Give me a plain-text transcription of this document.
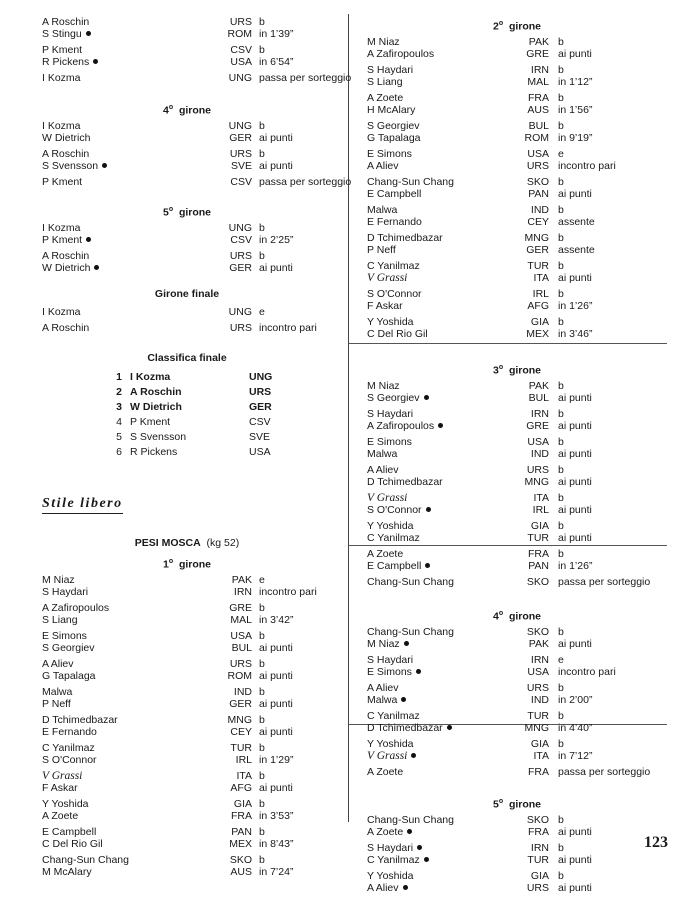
A Roschin	URS b
S Stingu	ROM in 1’39”
P Kment	CSV b
R Pickens	USA in 6’54”
I Kozma	UNG passa per sorteggio
4$^o$ girone
I Kozma	UNG b
W Dietrich	GER ai punti
A Roschin	URS b
S Svensson	SVE ai punti
P Kment	CSV passa per sorteggio
5$^o$ girone
I Kozma	UNG b
P Kment	CSV in 2’25”
A Roschin	URS b
W Dietrich	GER ai punti
Girone finale
I Kozma	UNG e
A Roschin	URS incontro pari
Classifica finale
1 I Kozma	UNG
2 A Roschin	URS
3 W Dietrich	GER
4 P Kment	CSV
5 S Svensson	SVE
6 R Pickens	USA
Stile libero
PESI MOSCA (kg 52)
1$^o$ girone
M Niaz	PAK e
S Haydari	IRN incontro pari
A Zafiropoulos	GRE b
S Liang	MAL in 3’42”
E Simons	USA b
S Georgiev	BUL ai punti
A Aliev	URS b
G Tapalaga	ROM ai punti
Malwa	IND b
P Neff	GER ai punti
D Tchimedbazar	MNG b
E Fernando	CEY ai punti
C Yanilmaz	TUR b
S O'Connor	IRL in 1’29”
V Grassi	ITA b
F Askar	AFG ai punti
Y Yoshida	GIA b
A Zoete	FRA in 3’53”
E Campbell	PAN b
C Del Rio Gil	MEX in 8’43”
Chang-Sun Chang	SKO b
M McAlary	AUS in 7’24”
2$^o$ girone
M Niaz	PAK b
A Zafiropoulos	GRE ai punti
S Haydari	IRN b
S Liang	MAL in 1’12”
A Zoete	FRA b
H McAlary	AUS in 1’56”
S Georgiev	BUL b
G Tapalaga	ROM in 9’19”
E Simons	USA e
A Aliev	URS incontro pari
Chang-Sun Chang	SKO b
E Campbell	PAN ai punti
Malwa	IND b
E Fernando	CEY assente
D Tchimedbazar	MNG b
P Neff	GER assente
C Yanilmaz	TUR b
V Grassi	ITA ai punti
S O'Connor	IRL b
F Askar	AFG in 1’26”
Y Yoshida	GIA b
C Del Rio Gil	MEX in 3’46”
3$^o$ girone
M Niaz	PAK b
S Georgiev	BUL ai punti
S Haydari	IRN b
A Zafiropoulos	GRE ai punti
E Simons	USA b
Malwa	IND ai punti
A Aliev	URS b
D Tchimedbazar	MNG ai punti
V Grassi	ITA b
S O'Connor	IRL ai punti
Y Yoshida	GIA b
C Yanilmaz	TUR ai punti
A Zoete	FRA b
E Campbell	PAN in 1’26”
Chang-Sun Chang	SKO passa per sorteggio
4$^o$ girone
Chang-Sun Chang	SKO b
M Niaz	PAK ai punti
S Haydari	IRN e
E Simons	USA incontro pari
A Aliev	URS b
Malwa	IND in 2’00”
C Yanilmaz	TUR b
D Tchimedbazar	MNG in 4’40”
Y Yoshida	GIA b
V Grassi	ITA in 7’12”
A Zoete	FRA passa per sorteggio
5$^o$ girone
Chang-Sun Chang	SKO b
A Zoete	FRA ai punti
S Haydari	IRN b
C Yanilmaz	TUR ai punti
Y Yoshida	GIA b
A Aliev	URS ai punti
123
